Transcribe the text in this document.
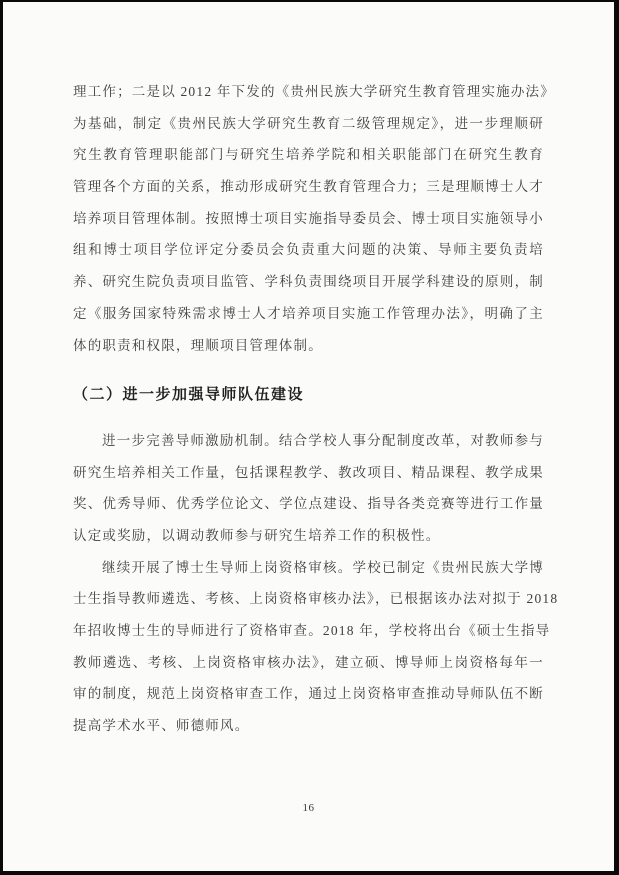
理工作；二是以 2012 年下发的《贵州民族大学研究生教育管理实施办法》
为基础，制定《贵州民族大学研究生教育二级管理规定》，进一步理顺研
究生教育管理职能部门与研究生培养学院和相关职能部门在研究生教育
管理各个方面的关系，推动形成研究生教育管理合力；三是理顺博士人才
培养项目管理体制。按照博士项目实施指导委员会、博士项目实施领导小
组和博士项目学位评定分委员会负责重大问题的决策、导师主要负责培
养、研究生院负责项目监管、学科负责围绕项目开展学科建设的原则，制
定《服务国家特殊需求博士人才培养项目实施工作管理办法》，明确了主
体的职责和权限，理顺项目管理体制。
（二）进一步加强导师队伍建设
进一步完善导师激励机制。结合学校人事分配制度改革，对教师参与
研究生培养相关工作量，包括课程教学、教改项目、精品课程、教学成果
奖、优秀导师、优秀学位论文、学位点建设、指导各类竞赛等进行工作量
认定或奖励，以调动教师参与研究生培养工作的积极性。
继续开展了博士生导师上岗资格审核。学校已制定《贵州民族大学博
士生指导教师遴选、考核、上岗资格审核办法》，已根据该办法对拟于 2018
年招收博士生的导师进行了资格审查。2018 年，学校将出台《硕士生指导
教师遴选、考核、上岗资格审核办法》，建立硕、博导师上岗资格每年一
审的制度，规范上岗资格审查工作，通过上岗资格审查推动导师队伍不断
提高学术水平、师德师风。
16
